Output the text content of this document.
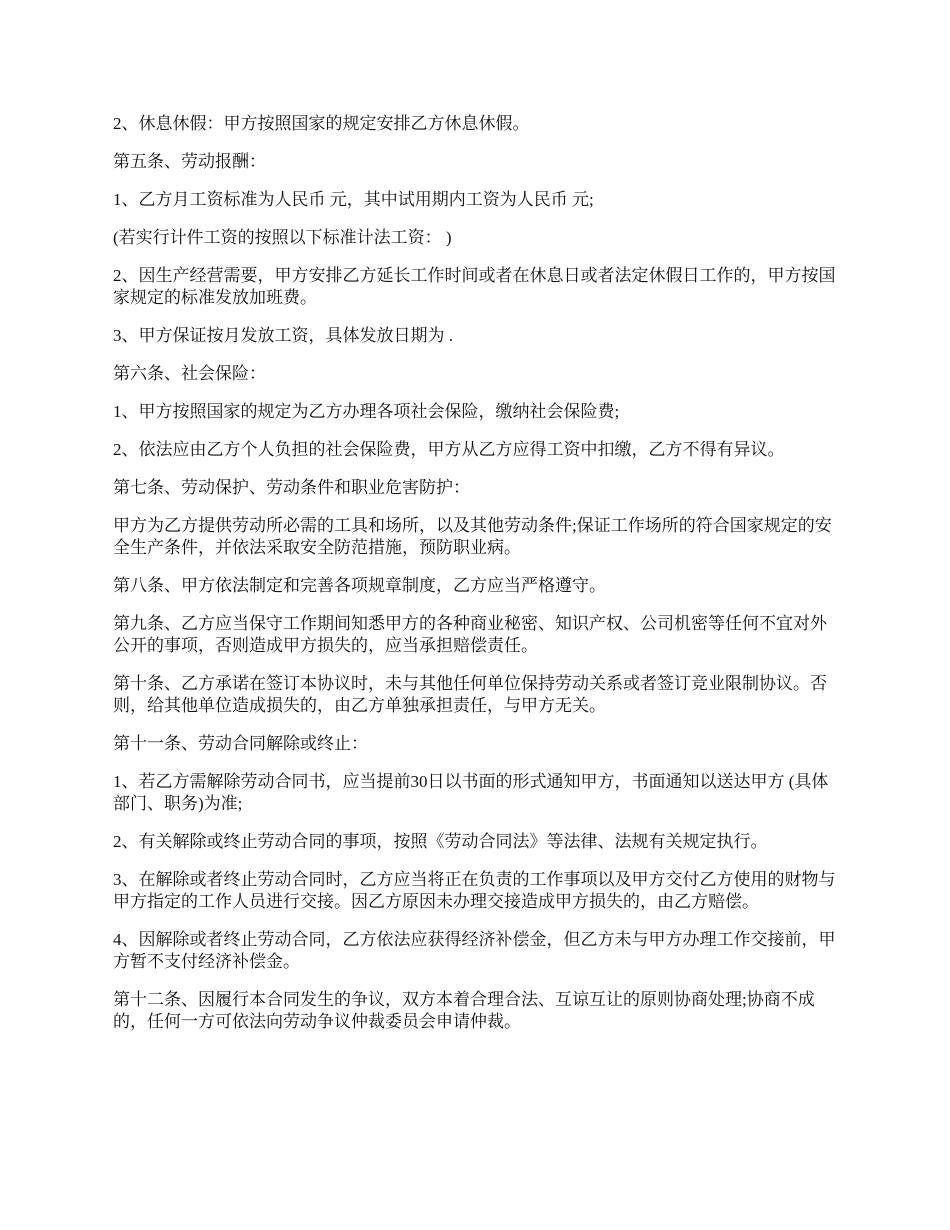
2、休息休假：甲方按照国家的规定安排乙方休息休假。

第五条、劳动报酬：

1、乙方月工资标准为人民币 元，其中试用期内工资为人民币 元;

(若实行计件工资的按照以下标准计法工资： )

2、因生产经营需要，甲方安排乙方延长工作时间或者在休息日或者法定休假日工作的，甲方按国家规定的标准发放加班费。

3、甲方保证按月发放工资，具体发放日期为 .

第六条、社会保险：

1、甲方按照国家的规定为乙方办理各项社会保险，缴纳社会保险费;

2、依法应由乙方个人负担的社会保险费，甲方从乙方应得工资中扣缴，乙方不得有异议。

第七条、劳动保护、劳动条件和职业危害防护：

甲方为乙方提供劳动所必需的工具和场所，以及其他劳动条件;保证工作场所的符合国家规定的安全生产条件，并依法采取安全防范措施，预防职业病。

第八条、甲方依法制定和完善各项规章制度，乙方应当严格遵守。

第九条、乙方应当保守工作期间知悉甲方的各种商业秘密、知识产权、公司机密等任何不宜对外公开的事项，否则造成甲方损失的，应当承担赔偿责任。

第十条、乙方承诺在签订本协议时，未与其他任何单位保持劳动关系或者签订竞业限制协议。否则，给其他单位造成损失的，由乙方单独承担责任，与甲方无关。

第十一条、劳动合同解除或终止：

1、若乙方需解除劳动合同书，应当提前30日以书面的形式通知甲方，书面通知以送达甲方 (具体部门、职务)为准;

2、有关解除或终止劳动合同的事项，按照《劳动合同法》等法律、法规有关规定执行。

3、在解除或者终止劳动合同时，乙方应当将正在负责的工作事项以及甲方交付乙方使用的财物与甲方指定的工作人员进行交接。因乙方原因未办理交接造成甲方损失的，由乙方赔偿。

4、因解除或者终止劳动合同，乙方依法应获得经济补偿金，但乙方未与甲方办理工作交接前，甲方暂不支付经济补偿金。

第十二条、因履行本合同发生的争议，双方本着合理合法、互谅互让的原则协商处理;协商不成的，任何一方可依法向劳动争议仲裁委员会申请仲裁。
